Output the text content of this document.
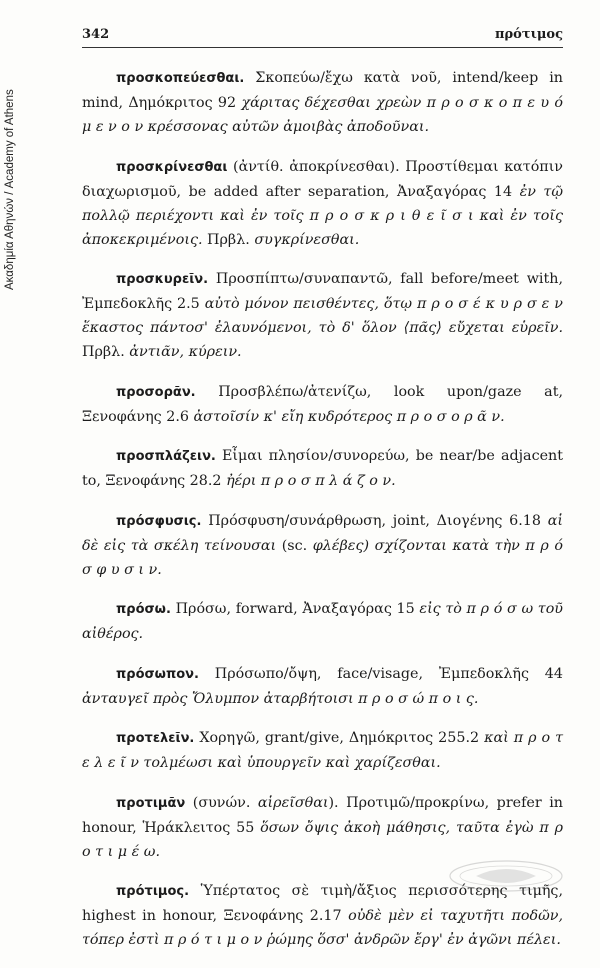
Ακαδημία Αθηνών / Academy of Athens
342	πρότιμος
προσκοπεύεσθαι. Σκοπεύω/ἔχω κατὰ νοῦ, intend/keep in mind, Δημόκριτος 92 χάριτας δέχεσθαι χρεὼν π ρ ο σ κ ο π ε υ ό μ ε ν ο ν κρέσσονας αὐτῶν ἀμοιβὰς ἀποδοῦναι.
προσκρίνεσθαι (ἀντίθ. ἀποκρίνεσθαι). Προστίθεμαι κατόπιν διαχωρισμοῦ, be added after separation, Ἀναξαγόρας 14 ἐν τῷ πολλῷ περιέχοντι καὶ ἐν τοῖς π ρ ο σ κ ρ ι θ ε ῖ σ ι καὶ ἐν τοῖς ἀποκεκριμένοις. Πρβλ. συγκρίνεσθαι.
προσκυρεῖν. Προσπίπτω/συναπαντῶ, fall before/meet with, Ἐμπεδοκλῆς 2.5 αὐτὸ μόνον πεισθέντες, ὅτῳ π ρ ο σ έ κ υ ρ σ ε ν ἕκαστος πάντοσ' ἐλαυνόμενοι, τὸ δ' ὅλον ⟨πᾶς⟩ εὔχεται εὑρεῖν. Πρβλ. ἀντιᾶν, κύρειν.
προσορᾶν. Προσβλέπω/ἀτενίζω, look upon/gaze at, Ξενοφάνης 2.6 ἀστοῖσίν κ' εἴη κυδρότερος π ρ ο σ ο ρ ᾶ ν.
προσπλάζειν. Εἶμαι πλησίον/συνορεύω, be near/be adjacent to, Ξενοφάνης 28.2 ἠέρι π ρ ο σ π λ ά ζ ο ν.
πρόσφυσις. Πρόσφυση/συνάρθρωση, joint, Διογένης 6.18 αἱ δὲ εἰς τὰ σκέλη τείνουσαι (sc. φλέβες) σχίζονται κατὰ τὴν π ρ ό σ φ υ σ ι ν.
πρόσω. Πρόσω, forward, Ἀναξαγόρας 15 εἰς τὸ π ρ ό σ ω τοῦ αἰθέρος.
πρόσωπον. Πρόσωπο/ὄψη, face/visage, Ἐμπεδοκλῆς 44 ἀνταυγεῖ πρὸς Ὄλυμπον ἀταρβήτοισι π ρ ο σ ώ π ο ι ς.
προτελεῖν. Χορηγῶ, grant/give, Δημόκριτος 255.2 καὶ π ρ ο τ ε λ ε ῖ ν τολμέωσι καὶ ὑπουργεῖν καὶ χαρίζεσθαι.
προτιμᾶν (συνών. αἱρεῖσθαι). Προτιμῶ/προκρίνω, prefer in honour, Ἡράκλειτος 55 ὅσων ὄψις ἀκοὴ μάθησις, ταῦτα ἐγὼ π ρ ο τ ι μ έ ω.
πρότιμος. Ὑπέρτατος σὲ τιμὴ/ἄξιος περισσότερης τιμῆς, highest in honour, Ξενοφάνης 2.17 οὐδὲ μὲν εἰ ταχυτῆτι ποδῶν, τόπερ ἐστὶ π ρ ό τ ι μ ο ν ῥώμης ὅσσ' ἀνδρῶν ἔργ' ἐν ἀγῶνι πέλει.
